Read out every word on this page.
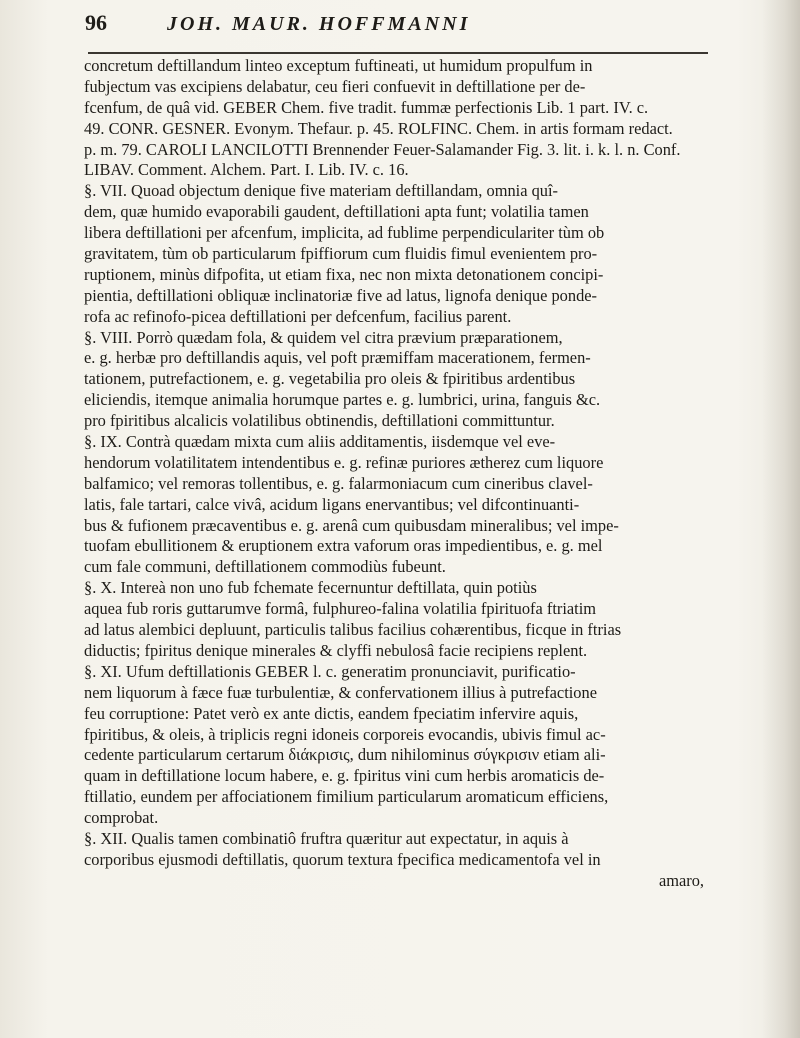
96	JOH. MAUR. HOFFMANNI
concretum deftillandum linteo exceptum fuftineati, ut humidum propulfum in
fubjectum vas excipiens delabatur, ceu fieri confuevit in deftillatione per de-
fcenfum, de quâ vid. GEBER Chem. five tradit. fummæ perfectionis Lib. 1 part. IV. c.
49. CONR. GESNER. Evonym. Thefaur. p. 45. ROLFINC. Chem. in artis formam redact.
p. m. 79. CAROLI LANCILOTTI Brennender Feuer-Salamander Fig. 3. lit. i. k. l. n. Conf.
LIBAV. Comment. Alchem. Part. I. Lib. IV. c. 16.
§. VII. Quoad objectum denique five materiam deftillandam, omnia quî-
dem, quæ humido evaporabili gaudent, deftillationi apta funt; volatilia tamen
libera deftillationi per afcenfum, implicita, ad fublime perpendiculariter tùm ob
gravitatem, tùm ob particularum fpiffiorum cum fluidis fimul evenientem pro-
ruptionem, minùs difpofita, ut etiam fixa, nec non mixta detonationem concipi-
pientia, deftillationi obliquæ inclinatoriæ five ad latus, lignofa denique ponde-
rofa ac refinofo-picea deftillationi per defcenfum, facilius parent.
§. VIII. Porrò quædam fola, & quidem vel citra prævium præparationem,
e. g. herbæ pro deftillandis aquis, vel poft præmiffam macerationem, fermen-
tationem, putrefactionem, e. g. vegetabilia pro oleis & fpiritibus ardentibus
eliciendis, itemque animalia horumque partes e. g. lumbrici, urina, fanguis &c.
pro fpiritibus alcalicis volatilibus obtinendis, deftillationi committuntur.
§. IX. Contrà quædam mixta cum aliis additamentis, iisdemque vel eve-
hendorum volatilitatem intendentibus e. g. refinæ puriores ætherez cum liquore
balfamico; vel remoras tollentibus, e. g. falarmoniacum cum cineribus clavel-
latis, fale tartari, calce vivâ, acidum ligans enervantibus; vel difcontinuanti-
bus & fufionem præcaventibus e. g. arenâ cum quibusdam mineralibus; vel impe-
tuofam ebullitionem & eruptionem extra vaforum oras impedientibus, e. g. mel
cum fale communi, deftillationem commodiùs fubeunt.
§. X. Intereà non uno fub fchemate fecernuntur deftillata, quin potiùs
aquea fub roris guttarumve formâ, fulphureo-falina volatilia fpirituofa ftriatim
ad latus alembici depluunt, particulis talibus facilius cohærentibus, ficque in ftrias
diductis; fpiritus denique minerales & clyffi nebulosâ facie recipiens replent.
§. XI. Ufum deftillationis GEBER l. c. generatim pronunciavit, purificatio-
nem liquorum à fæce fuæ turbulentiæ, & confervationem illius à putrefactione
feu corruptione: Patet verò ex ante dictis, eandem fpeciatim infervire aquis,
fpiritibus, & oleis, à triplicis regni idoneis corporeis evocandis, ubivis fimul ac-
cedente particularum certarum διάκρισις, dum nihilominus σύγκρισιν etiam ali-
quam in deftillatione locum habere, e. g. fpiritus vini cum herbis aromaticis de-
ftillatio, eundem per affociationem fimilium particularum aromaticum efficiens,
comprobat.
§. XII. Qualis tamen combinatiô fruftra quæritur aut expectatur, in aquis à
corporibus ejusmodi deftillatis, quorum textura fpecifica medicamentofa vel in
amaro,
